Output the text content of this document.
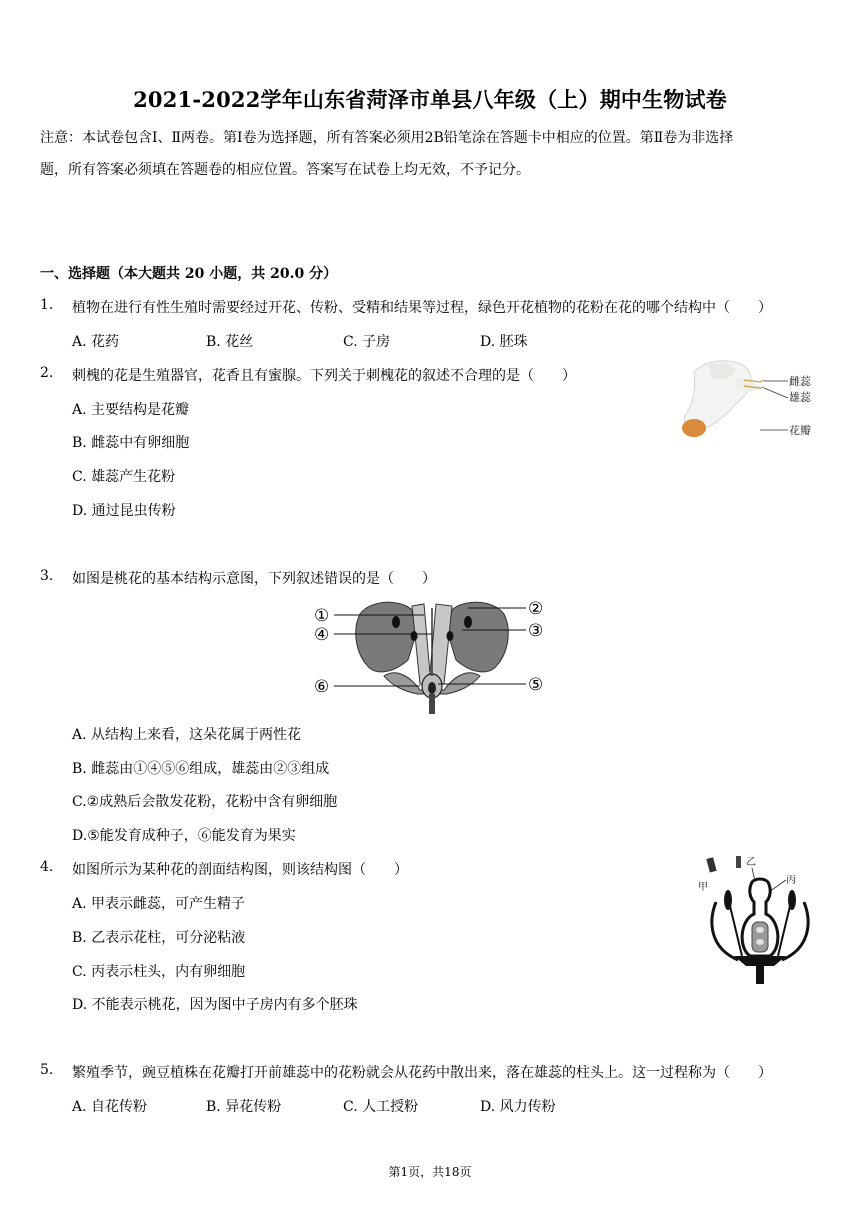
2021-2022学年山东省菏泽市单县八年级（上）期中生物试卷
注意：本试卷包含Ⅰ、Ⅱ两卷。第Ⅰ卷为选择题，所有答案必须用2B铅笔涂在答题卡中相应的位置。第Ⅱ卷为非选择
题，所有答案必须填在答题卷的相应位置。答案写在试卷上均无效，不予记分。
一、选择题（本大题共 20 小题，共 20.0 分）
1. 植物在进行有性生殖时需要经过开花、传粉、受精和结果等过程，绿色开花植物的花粉在花的哪个结构中（　　）
A. 花药	B. 花丝	C. 子房	D. 胚珠
2. 刺槐的花是生殖器官，花香且有蜜腺。下列关于刺槐花的叙述不合理的是（　　）
A. 主要结构是花瓣
B. 雌蕊中有卵细胞
C. 雄蕊产生花粉
D. 通过昆虫传粉
雌蕊
雄蕊
花瓣
3. 如图是桃花的基本结构示意图，下列叙述错误的是（　　）
①	②
③
④
⑤
⑥
A. 从结构上来看，这朵花属于两性花
B. 雌蕊由①④⑤⑥组成，雄蕊由②③组成
C.②成熟后会散发花粉，花粉中含有卵细胞
D.⑤能发育成种子，⑥能发育为果实
4. 如图所示为某种花的剖面结构图，则该结构图（　　）
A. 甲表示雌蕊，可产生精子
B. 乙表示花柱，可分泌粘液
C. 丙表示柱头，内有卵细胞
D. 不能表示桃花，因为图中子房内有多个胚珠
甲
乙
丙
5. 繁殖季节，豌豆植株在花瓣打开前雄蕊中的花粉就会从花药中散出来，落在雄蕊的柱头上。这一过程称为（　　）
A. 自花传粉	B. 异花传粉	C. 人工授粉	D. 风力传粉
第1页，共18页
